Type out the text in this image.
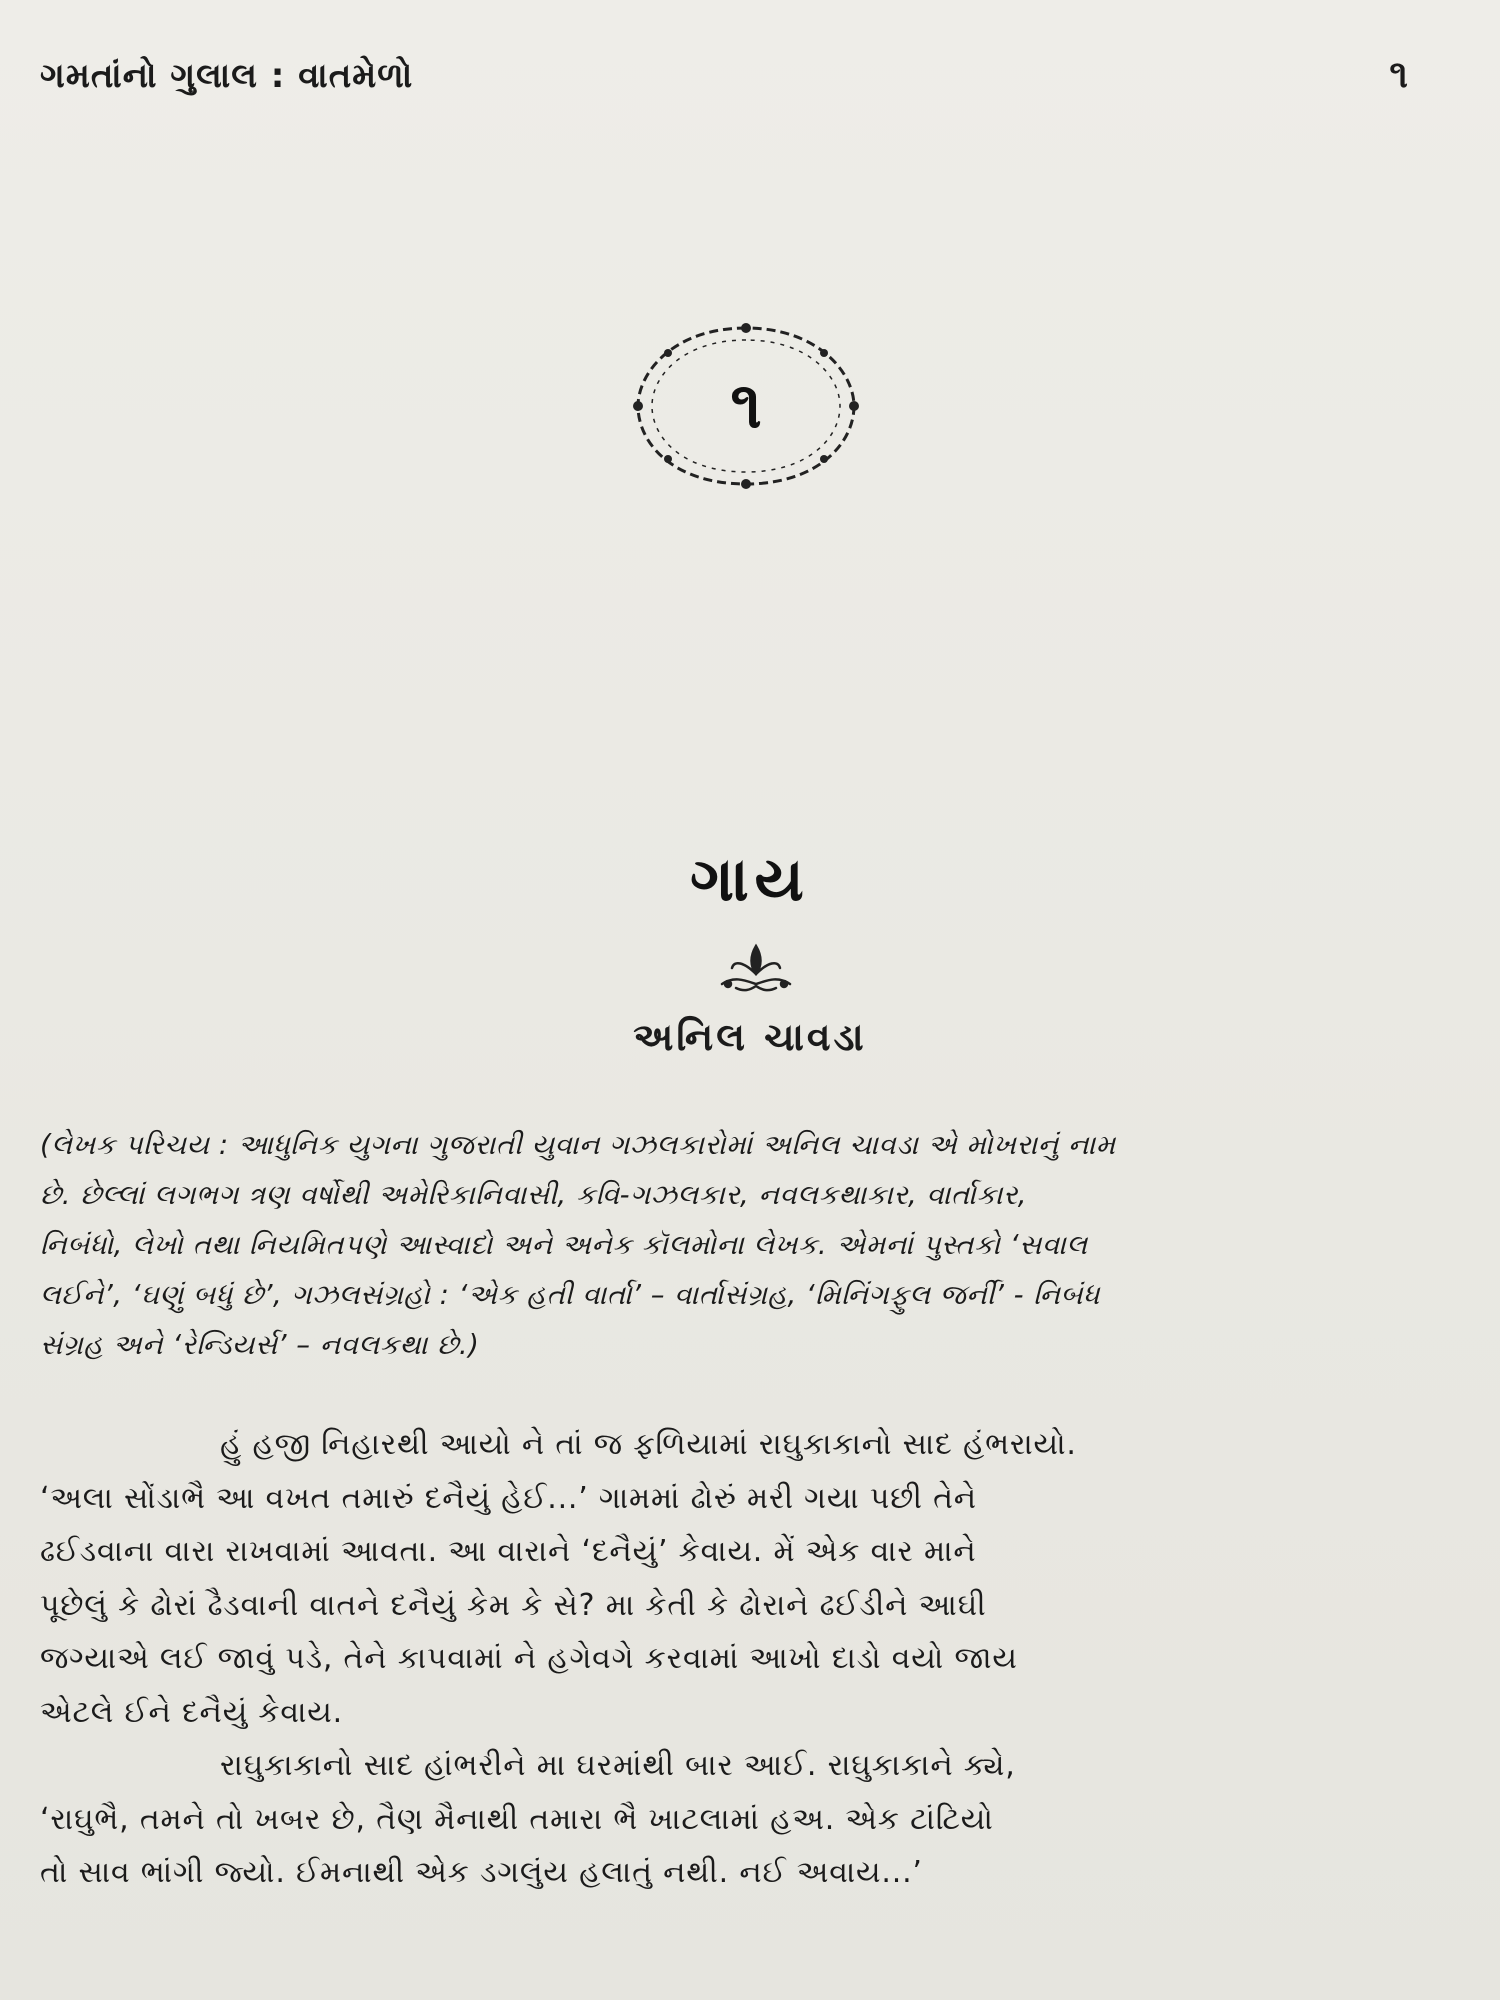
ગમતાંનો ગુલાલ : વાતમેળો	૧
૧
ગાય
અનિલ ચાવડા
(લેખક પરિચય : આધુનિક યુગના ગુજરાતી યુવાન ગઝલકારોમાં અનિલ ચાવડા એ મોખરાનું નામ
છે. છેલ્લાં લગભગ ત્રણ વર્ષોથી અમેરિકાનિવાસી, કવિ-ગઝલકાર, નવલકથાકાર, વાર્તાકાર,
નિબંધો, લેખો તથા નિયમિતપણે આસ્વાદો અને અનેક કૉલમોના લેખક. એમનાં પુસ્તકો ‘સવાલ
લઈને’, ‘ઘણું બધું છે’, ગઝલસંગ્રહો : ‘એક હતી વાર્તા’ – વાર્તાસંગ્રહ, ‘મિનિંગફુલ જર્ની’ - નિબંધ
સંગ્રહ અને ‘રેન્ડિયર્સ’ – નવલકથા છે.)
હું હજી નિહારથી આયો ને તાં જ ફળિયામાં રાઘુકાકાનો સાદ હંભરાયો.
‘અલા સોંડાભૈ આ વખત તમારું દનૈયું હેઈ...’ ગામમાં ઢોરું મરી ગયા પછી તેને
ઢઈડવાના વારા રાખવામાં આવતા. આ વારાને ‘દનૈયું’ કેવાય. મેં એક વાર માને
પૂછેલું કે ઢોરાં ઢૈડવાની વાતને દનૈયું કેમ કે સે? મા કેતી કે ઢોરાને ઢઈડીને આઘી
જગ્યાએ લઈ જાવું પડે, તેને કાપવામાં ને હગેવગે કરવામાં આખો દાડો વયો જાય
એટલે ઈને દનૈયું કેવાય.
રાઘુકાકાનો સાદ હાંભરીને મા ઘરમાંથી બાર આઈ. રાઘુકાકાને ક્યે,
‘રાઘુભૈ, તમને તો ખબર છે, તૈણ મૈનાથી તમારા ભૈ ખાટલામાં હઅ. એક ટાંટિયો
તો સાવ ભાંગી જ્યો. ઈમનાથી એક ડગલુંય હલાતું નથી. નઈ અવાય...’
